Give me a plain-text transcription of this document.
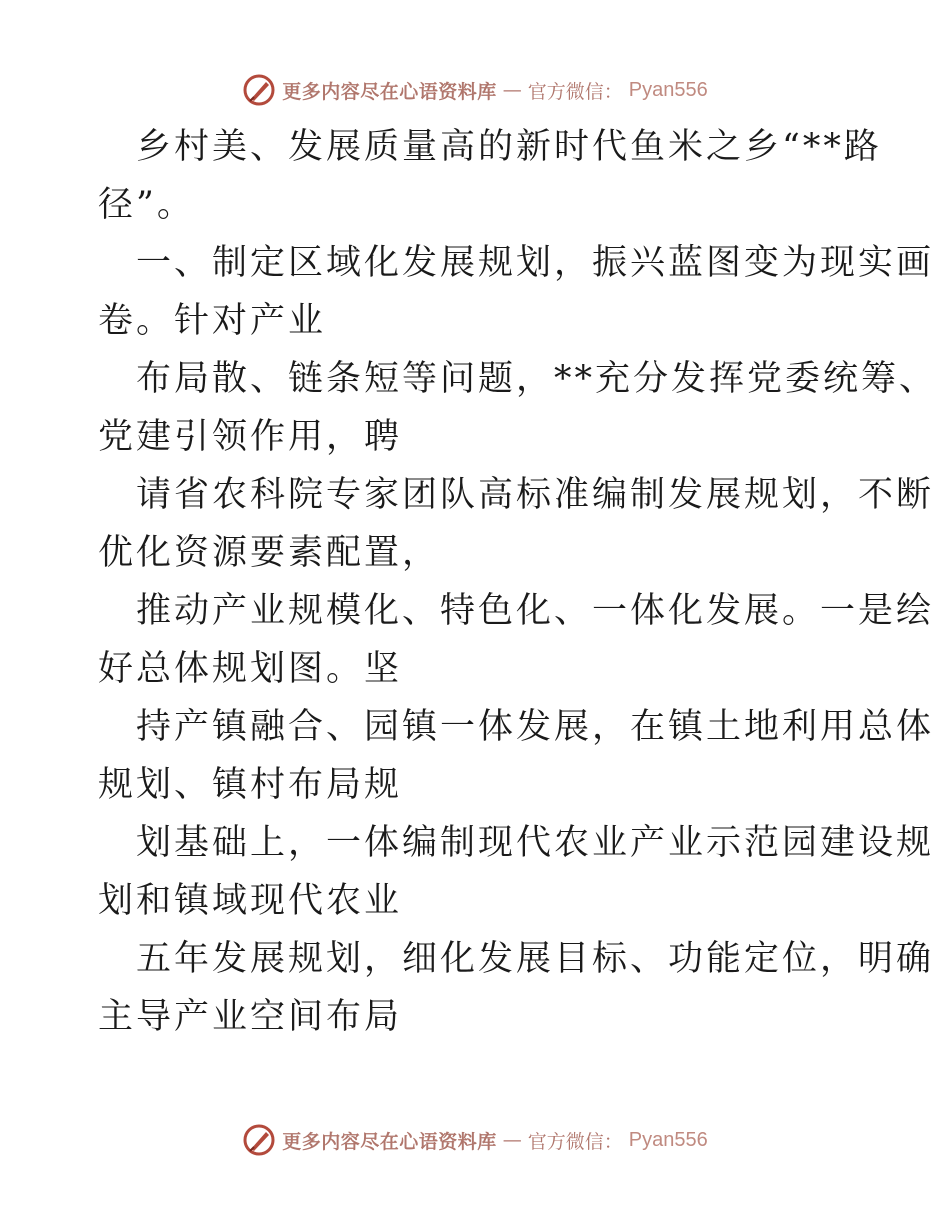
更多内容尽在心语资料库 — 官方微信： Pyan556
乡村美、发展质量高的新时代鱼米之乡“**路
径”。
一、制定区域化发展规划，振兴蓝图变为现实画
卷。针对产业
布局散、链条短等问题，**充分发挥党委统筹、
党建引领作用，聘
请省农科院专家团队高标准编制发展规划，不断
优化资源要素配置，
推动产业规模化、特色化、一体化发展。一是绘
好总体规划图。坚
持产镇融合、园镇一体发展，在镇土地利用总体
规划、镇村布局规
划基础上，一体编制现代农业产业示范园建设规
划和镇域现代农业
五年发展规划，细化发展目标、功能定位，明确
主导产业空间布局
更多内容尽在心语资料库 — 官方微信： Pyan556
